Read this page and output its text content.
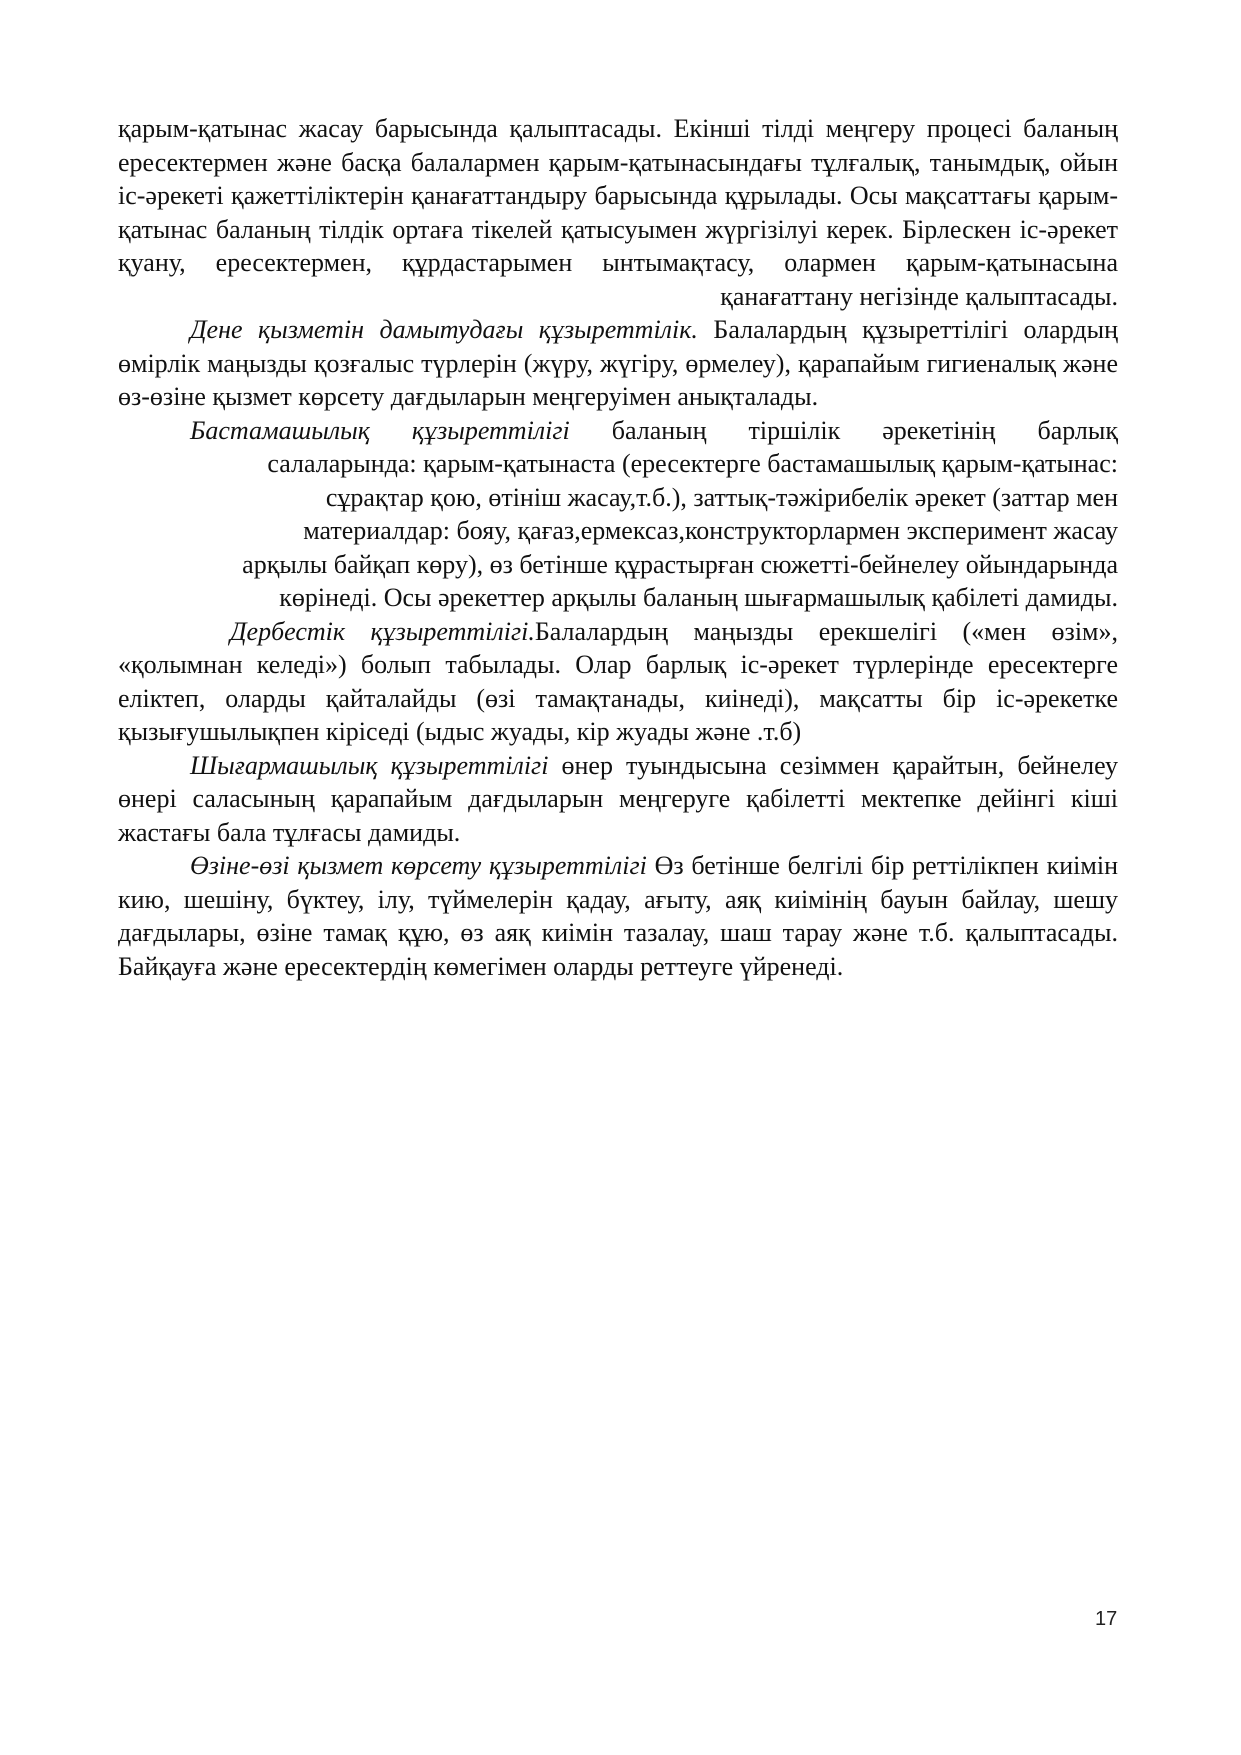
қарым-қатынас жасау барысында қалыптасады. Екінші тілді меңгеру процесі баланың ересектермен және басқа балалармен қарым-қатынасындағы тұлғалық, танымдық, ойын іс-әрекеті қажеттіліктерін қанағаттандыру барысында құрылады. Осы мақсаттағы қарым-қатынас баланың тілдік ортаға тікелей қатысуымен жүргізілуі керек. Бірлескен іс-әрекет қуану, ересектермен, құрдастарымен ынтымақтасу, олармен қарым-қатынасына қанағаттану негізінде қалыптасады.

Дене қызметін дамытудағы құзыреттілік. Балалардың құзыреттілігі олардың өмірлік маңызды қозғалыс түрлерін (жүру, жүгіру, өрмелеу), қарапайым гигиеналық және өз-өзіне қызмет көрсету дағдыларын меңгеруімен анықталады.

Бастамашылық құзыреттілігі баланың тіршілік әрекетінің барлық
салаларында: қарым-қатынаста (ересектерге бастамашылық қарым-қатынас:
сұрақтар қою, өтініш жасау,т.б.), заттық-тәжірибелік әрекет (заттар мен
материалдар: бояу, қағаз,ермексаз,конструкторлармен эксперимент жасау
арқылы байқап көру), өз бетінше құрастырған сюжетті-бейнелеу ойындарында
көрінеді. Осы әрекеттер арқылы баланың шығармашылық қабілеті дамиды.

Дербестік құзыреттілігі.Балалардың маңызды ерекшелігі («мен өзім», «қолымнан келеді») болып табылады. Олар барлық іс-әрекет түрлерінде ересектерге еліктеп, оларды қайталайды (өзі тамақтанады, киінеді), мақсатты бір іс-әрекетке қызығушылықпен кіріседі (ыдыс жуады, кір жуады және .т.б)

Шығармашылық құзыреттілігі өнер туындысына сезіммен қарайтын, бейнелеу өнері саласының қарапайым дағдыларын меңгеруге қабілетті мектепке дейінгі кіші жастағы бала тұлғасы дамиды.

Өзіне-өзі қызмет көрсету құзыреттілігі Өз бетінше белгілі бір реттілікпен киімін кию, шешіну, бүктеу, ілу, түймелерін қадау, ағыту, аяқ киімінің бауын байлау, шешу дағдылары, өзіне тамақ құю, өз аяқ киімін тазалау, шаш тарау және т.б. қалыптасады. Байқауға және ересектердің көмегімен оларды реттеуге үйренеді.

17
